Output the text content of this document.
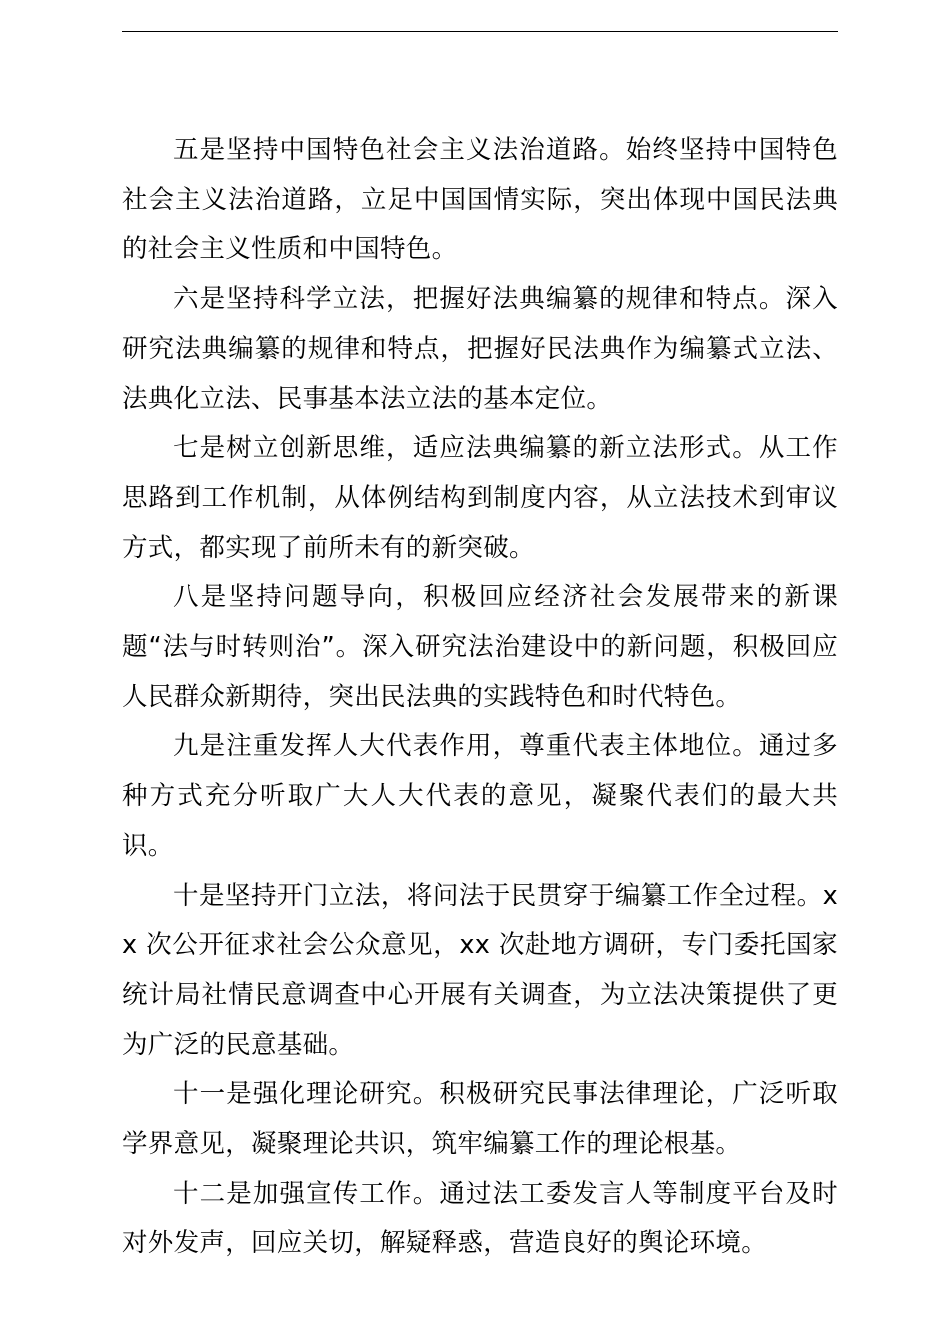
五是坚持中国特色社会主义法治道路。始终坚持中国特色社会主义法治道路，立足中国国情实际，突出体现中国民法典的社会主义性质和中国特色。

六是坚持科学立法，把握好法典编纂的规律和特点。深入研究法典编纂的规律和特点，把握好民法典作为编纂式立法、法典化立法、民事基本法立法的基本定位。

七是树立创新思维，适应法典编纂的新立法形式。从工作思路到工作机制，从体例结构到制度内容，从立法技术到审议方式，都实现了前所未有的新突破。

八是坚持问题导向，积极回应经济社会发展带来的新课题“法与时转则治”。深入研究法治建设中的新问题，积极回应人民群众新期待，突出民法典的实践特色和时代特色。

九是注重发挥人大代表作用，尊重代表主体地位。通过多种方式充分听取广大人大代表的意见，凝聚代表们的最大共识。

十是坚持开门立法，将问法于民贯穿于编纂工作全过程。xx 次公开征求社会公众意见，xx 次赴地方调研，专门委托国家统计局社情民意调查中心开展有关调查，为立法决策提供了更为广泛的民意基础。

十一是强化理论研究。积极研究民事法律理论，广泛听取学界意见，凝聚理论共识，筑牢编纂工作的理论根基。

十二是加强宣传工作。通过法工委发言人等制度平台及时对外发声，回应关切，解疑释惑，营造良好的舆论环境。
